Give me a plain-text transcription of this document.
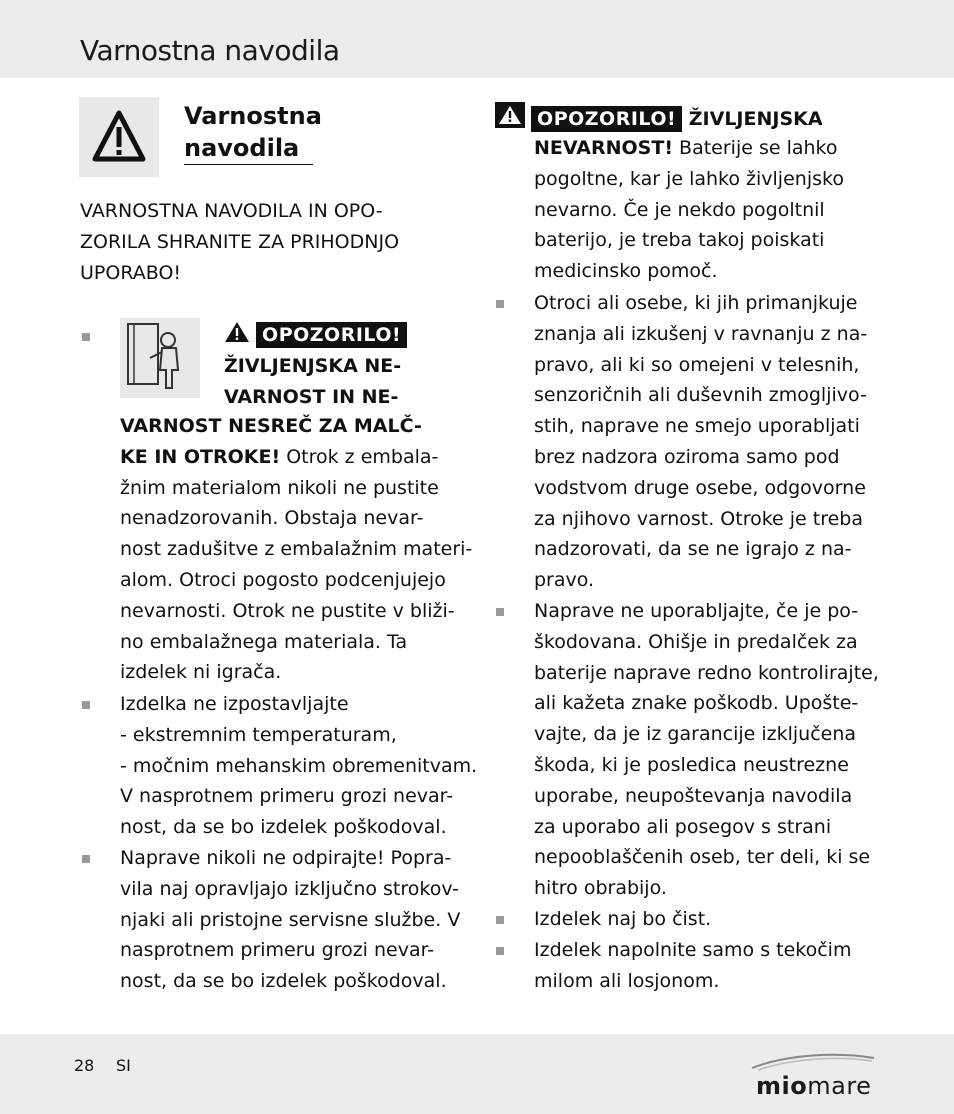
Varnostna navodila
Varnostna
navodila
VARNOSTNA NAVODILA IN OPO-
ZORILA SHRANITE ZA PRIHODNJO
UPORABO!
OPOZORILO!
ŽIVLJENJSKA NE-
VARNOST IN NE-
VARNOST NESREČ ZA MALČ-
KE IN OTROKE! Otrok z embala-
žnim materialom nikoli ne pustite
nenadzorovanih. Obstaja nevar-
nost zadušitve z embalažnim materi-
alom. Otroci pogosto podcenjujejo
nevarnosti. Otrok ne pustite v bliži-
no embalažnega materiala. Ta
izdelek ni igrača.
Izdelka ne izpostavljajte
- ekstremnim temperaturam,
- močnim mehanskim obremenitvam.
V nasprotnem primeru grozi nevar-
nost, da se bo izdelek poškodoval.
Naprave nikoli ne odpirajte! Popra-
vila naj opravljajo izključno strokov-
njaki ali pristojne servisne službe. V
nasprotnem primeru grozi nevar-
nost, da se bo izdelek poškodoval.
OPOZORILO! ŽIVLJENJSKA
NEVARNOST! Baterije se lahko
pogoltne, kar je lahko življenjsko
nevarno. Če je nekdo pogoltnil
baterijo, je treba takoj poiskati
medicinsko pomoč.
Otroci ali osebe, ki jih primanjkuje
znanja ali izkušenj v ravnanju z na-
pravo, ali ki so omejeni v telesnih,
senzoričnih ali duševnih zmogljivo-
stih, naprave ne smejo uporabljati
brez nadzora oziroma samo pod
vodstvom druge osebe, odgovorne
za njihovo varnost. Otroke je treba
nadzorovati, da se ne igrajo z na-
pravo.
Naprave ne uporabljajte, če je po-
škodovana. Ohišje in predalček za
baterije naprave redno kontrolirajte,
ali kažeta znake poškodb. Upošte-
vajte, da je iz garancije izključena
škoda, ki je posledica neustrezne
uporabe, neupoštevanja navodila
za uporabo ali posegov s strani
nepooblaščenih oseb, ter deli, ki se
hitro obrabijo.
Izdelek naj bo čist.
Izdelek napolnite samo s tekočim
milom ali losjonom.
28 SI
miomare
